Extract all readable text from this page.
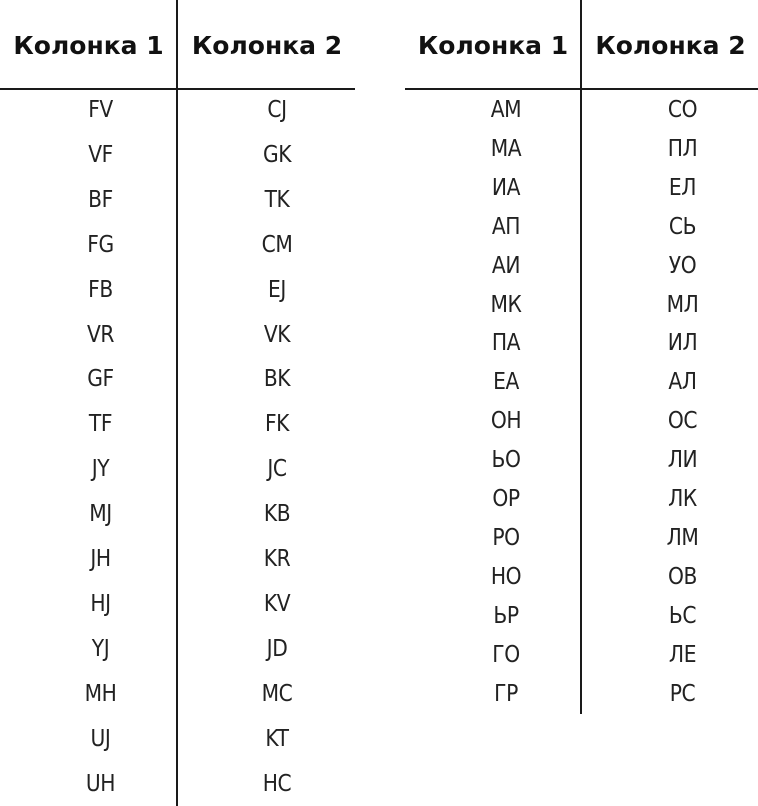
Колонка 1	Колонка 2
FV	CJ
VF	GK
BF	TK
FG	CM
FB	EJ
VR	VK
GF	BK
TF	FK
JY	JC
MJ	KB
JH	KR
HJ	KV
YJ	JD
MH	MC
UJ	KT
UH	HC
Колонка 1	Колонка 2
АМ	СО
МА	ПЛ
ИА	ЕЛ
АП	СЬ
АИ	УО
МК	МЛ
ПА	ИЛ
ЕА	АЛ
ОН	ОС
ЬО	ЛИ
ОР	ЛК
РО	ЛМ
НО	ОВ
ЬР	ЬС
ГО	ЛЕ
ГР	РС
